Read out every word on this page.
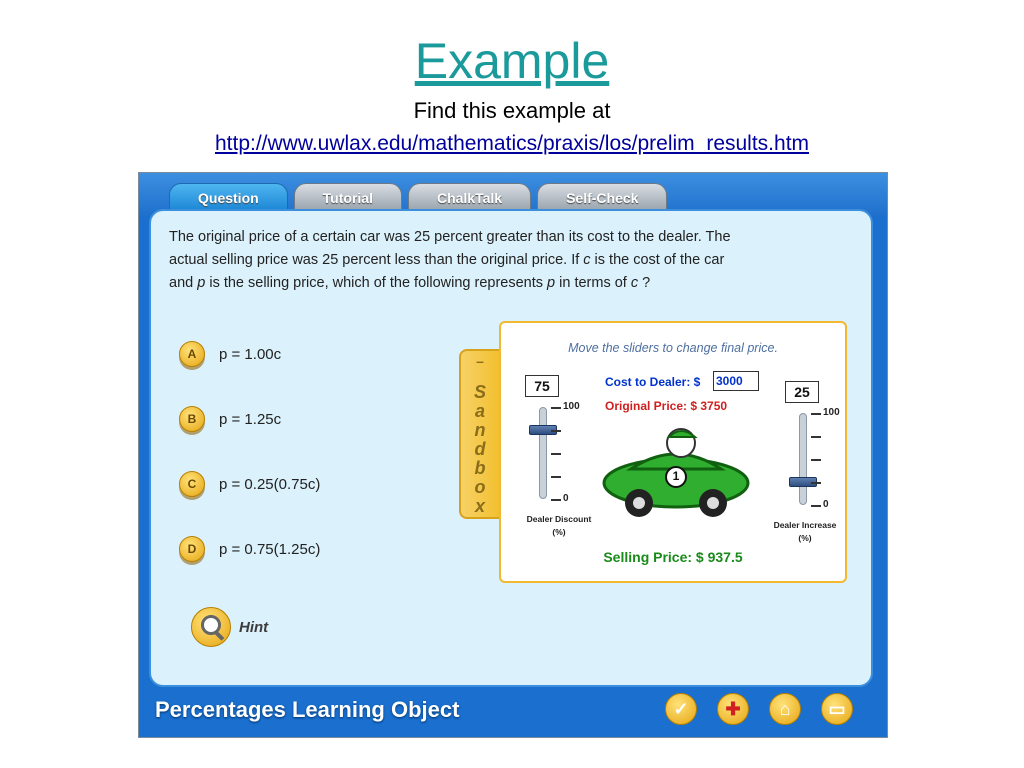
Example
Find this example at
http://www.uwlax.edu/mathematics/praxis/los/prelim_results.htm
Question	Tutorial	ChalkTalk	Self-Check
The original price of a certain car was 25 percent greater than its cost to the dealer. The
actual selling price was 25 percent less than the original price. If c is the cost of the car
and p is the selling price, which of the following represents p in terms of c ?
A	p = 1.00c
B	p = 1.25c
C	p = 0.25(0.75c)
D	p = 0.75(1.25c)
Hint
–
S
a
n
d
b
o
x
Move the sliders to change final price.
75
100
0
Dealer Discount
(%)
Cost to Dealer: $ 3000
Original Price: $ 3750
1
25
100
0
Dealer Increase
(%)
Selling Price: $ 937.5
Percentages Learning Object	✓	✚	⌂	▭
